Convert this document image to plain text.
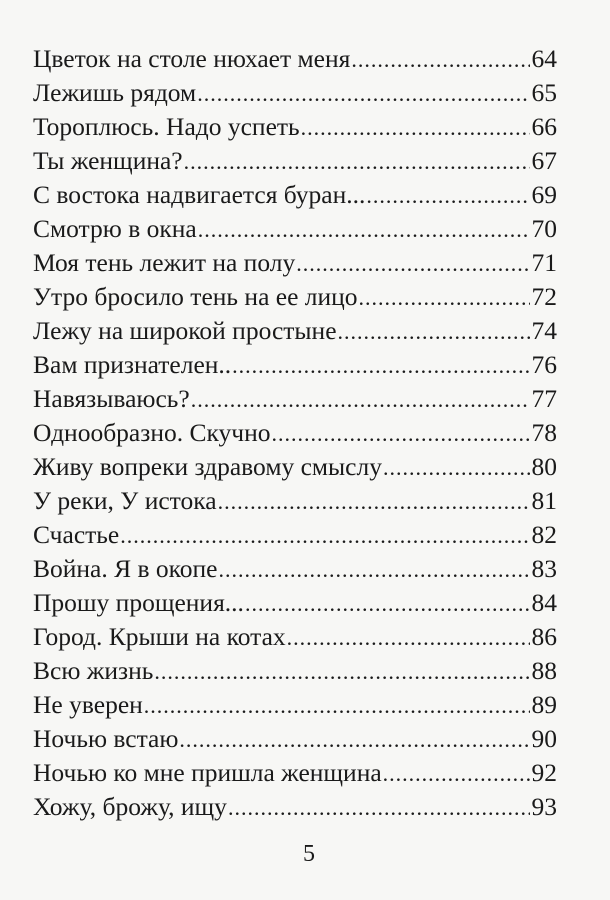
Цветок на столе нюхает меня .....	64
Лежишь рядом .....	65
Тороплюсь. Надо успеть .....	66
Ты женщина? .....	67
С востока надвигается буран... .....	69
Смотрю в окна .....	70
Моя тень лежит на полу .....	71
Утро бросило тень на ее лицо .....	72
Лежу на широкой простыне .....	74
Вам признателен.. .....	76
Навязываюсь? .....	77
Однообразно. Скучно .....	78
Живу вопреки здравому смыслу .....	80
У реки, У истока .....	81
Счастье .....	82
Война. Я в окопе .....	83
Прошу прощения... .....	84
Город. Крыши на котах .....	86
Всю жизнь .....	88
Не уверен .....	89
Ночью встаю .....	90
Ночью ко мне пришла женщина .....	92
Хожу, брожу, ищу .....	93
5
